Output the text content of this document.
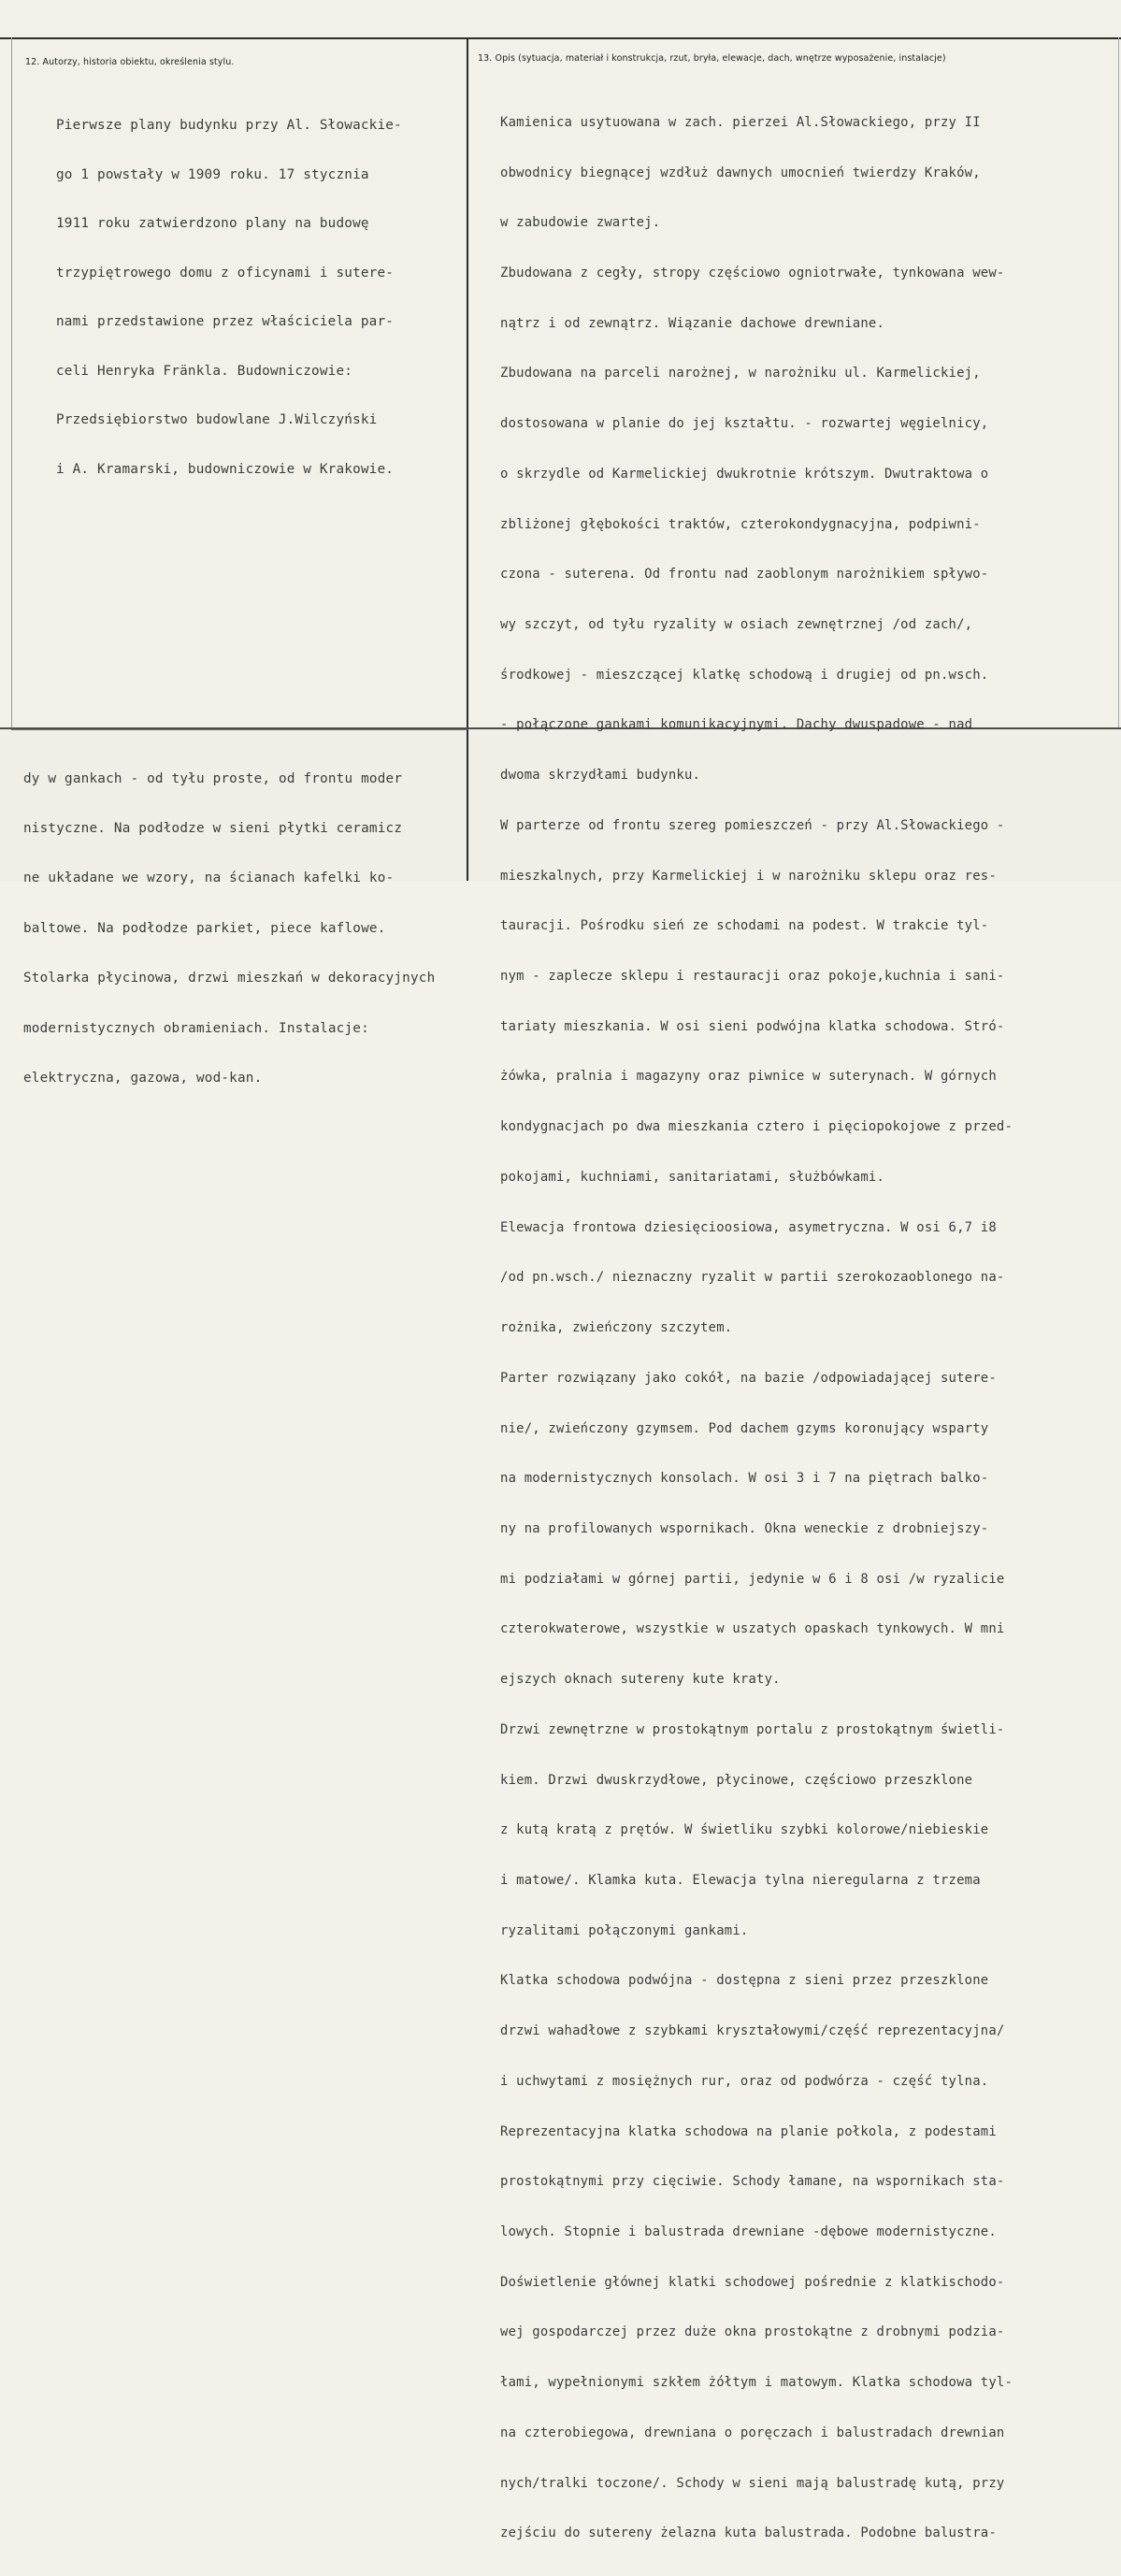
12. Autorzy, historia obiektu, określenia stylu.	13. Opis (sytuacja, materiał i konstrukcja, rzut, bryła, elewacje, dach, wnętrze wyposażenie, instalacje)

Pierwsze plany budynku przy Al. Słowackie-

go 1 powstały w 1909 roku. 17 stycznia

1911 roku zatwierdzono plany na budowę

trzypiętrowego domu z oficynami i sutere-

nami przedstawione przez właściciela par-

celi Henryka Fränkla. Budowniczowie:

Przedsiębiorstwo budowlane J.Wilczyński

i A. Kramarski, budowniczowie w Krakowie.

Kamienica usytuowana w zach. pierzei Al.Słowackiego, przy II

obwodnicy biegnącej wzdłuż dawnych umocnień twierdzy Kraków,

w zabudowie zwartej.

Zbudowana z cegły, stropy częściowo ogniotrwałe, tynkowana wew-

nątrz i od zewnątrz. Wiązanie dachowe drewniane.

Zbudowana na parceli narożnej, w narożniku ul. Karmelickiej,

dostosowana w planie do jej kształtu. - rozwartej węgielnicy,

o skrzydle od Karmelickiej dwukrotnie krótszym. Dwutraktowa o

zbliżonej głębokości traktów, czterokondygnacyjna, podpiwni-

czona - suterena. Od frontu nad zaoblonym narożnikiem spływo-

wy szczyt, od tyłu ryzality w osiach zewnętrznej /od zach/,

środkowej - mieszczącej klatkę schodową i drugiej od pn.wsch.

- połączone gankami komunikacyjnymi. Dachy dwuspadowe - nad

dwoma skrzydłami budynku.

W parterze od frontu szereg pomieszczeń - przy Al.Słowackiego -

mieszkalnych, przy Karmelickiej i w narożniku sklepu oraz res-

tauracji. Pośrodku sień ze schodami na podest. W trakcie tyl-

nym - zaplecze sklepu i restauracji oraz pokoje,kuchnia i sani-

tariaty mieszkania. W osi sieni podwójna klatka schodowa. Stró-

żówka, pralnia i magazyny oraz piwnice w suterynach. W górnych

kondygnacjach po dwa mieszkania cztero i pięciopokojowe z przed-

pokojami, kuchniami, sanitariatami, służbówkami.

Elewacja frontowa dziesięcioosiowa, asymetryczna. W osi 6,7 i8

/od pn.wsch./ nieznaczny ryzalit w partii szerokozaoblonego na-

rożnika, zwieńczony szczytem.

Parter rozwiązany jako cokół, na bazie /odpowiadającej sutere-

nie/, zwieńczony gzymsem. Pod dachem gzyms koronujący wsparty

na modernistycznych konsolach. W osi 3 i 7 na piętrach balko-

ny na profilowanych wspornikach. Okna weneckie z drobniejszy-

mi podziałami w górnej partii, jedynie w 6 i 8 osi /w ryzalicie

czterokwaterowe, wszystkie w uszatych opaskach tynkowych. W mni

ejszych oknach sutereny kute kraty.

Drzwi zewnętrzne w prostokątnym portalu z prostokątnym świetli-

kiem. Drzwi dwuskrzydłowe, płycinowe, częściowo przeszklone

z kutą kratą z prętów. W świetliku szybki kolorowe/niebieskie

i matowe/. Klamka kuta. Elewacja tylna nieregularna z trzema

ryzalitami połączonymi gankami.

Klatka schodowa podwójna - dostępna z sieni przez przeszklone

drzwi wahadłowe z szybkami kryształowymi/część reprezentacyjna/

i uchwytami z mosiężnych rur, oraz od podwórza - część tylna.

Reprezentacyjna klatka schodowa na planie połkola, z podestami

prostokątnymi przy cięciwie. Schody łamane, na wspornikach sta-

lowych. Stopnie i balustrada drewniane -dębowe modernistyczne.

Doświetlenie głównej klatki schodowej pośrednie z klatkischodo-

wej gospodarczej przez duże okna prostokątne z drobnymi podzia-

łami, wypełnionymi szkłem żółtym i matowym. Klatka schodowa tyl-

na czterobiegowa, drewniana o poręczach i balustradach drewnian

nych/tralki toczone/. Schody w sieni mają balustradę kutą, przy

zejściu do sutereny żelazna kuta balustrada. Podobne balustra-

dy w gankach - od tyłu proste, od frontu moder

nistyczne. Na podłodze w sieni płytki ceramicz

ne układane we wzory, na ścianach kafelki ko-

baltowe. Na podłodze parkiet, piece kaflowe.

Stolarka płycinowa, drzwi mieszkań w dekoracyjnych

modernistycznych obramieniach. Instalacje:

elektryczna, gazowa, wod-kan.
